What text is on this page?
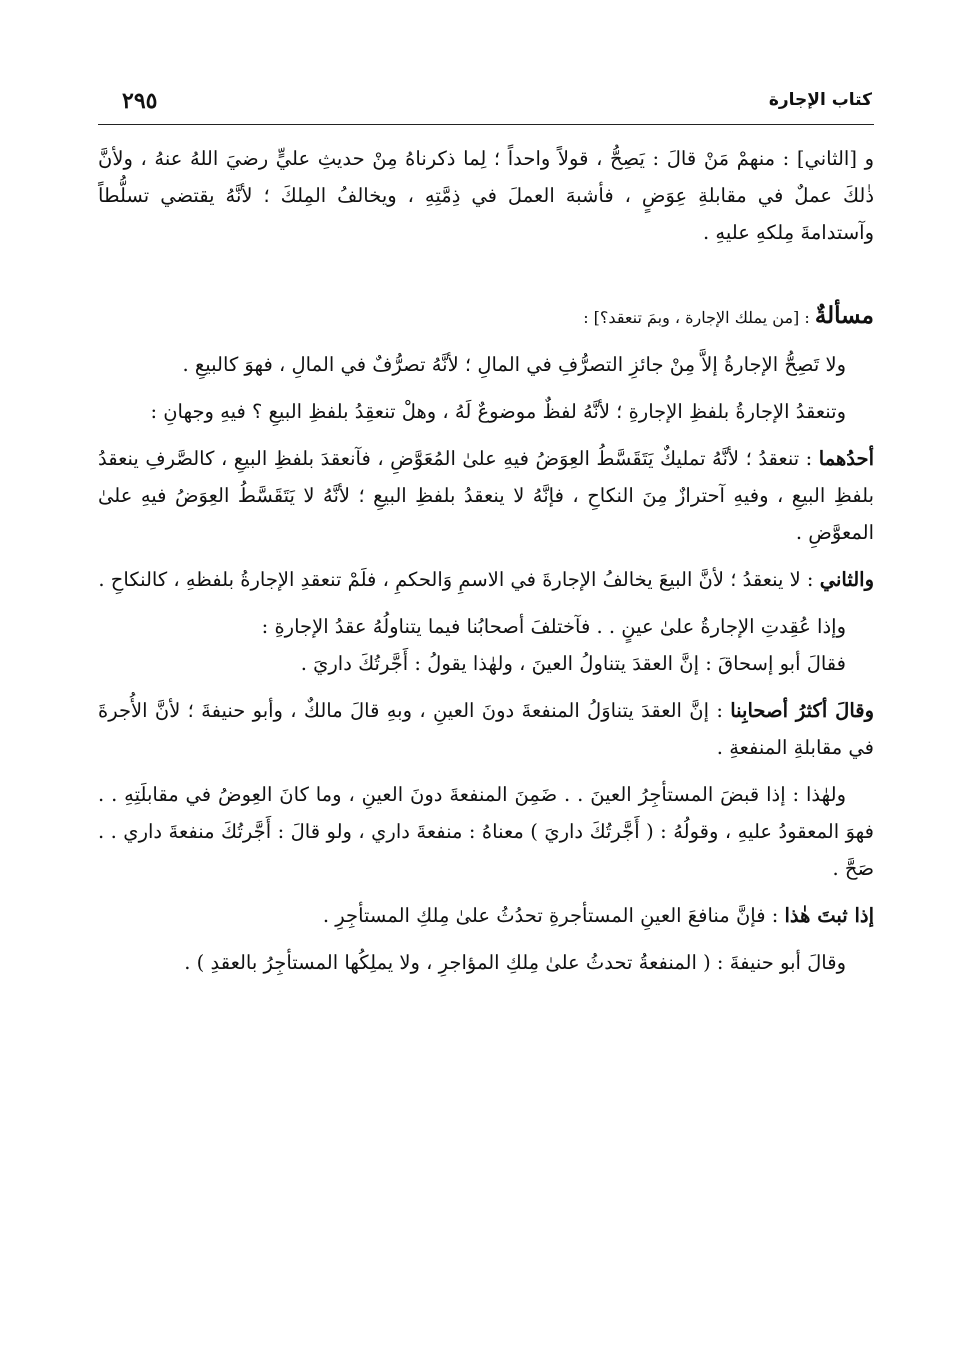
٢٩٥	كتاب الإجارة

و [الثاني] : منهمْ مَنْ قالَ : يَصِحُّ ، قولاً واحداً ؛ لِما ذكرناهُ مِنْ حديثِ عليٍّ رضيَ اللهُ عنهُ ، ولأنَّ ذٰلكَ عملٌ في مقابلةِ عِوَضٍ ، فأشبهَ العملَ في ذِمَّتِهِ ، ويخالفُ المِلكَ ؛ لأنَّهُ يقتضي تسلُّطاً وآستدامةَ مِلكهِ عليهِ .

مسألةٌ : [من يملك الإجارة ، وبمَ تنعقد؟] :

ولا تَصِحُّ الإجارةُ إلاَّ مِنْ جائزِ التصرُّفِ في المالِ ؛ لأنَّهُ تصرُّفٌ في المالِ ، فهوَ كالبيعِ .

وتنعقدُ الإجارةُ بلفظِ الإجارةِ ؛ لأنَّهُ لفظٌ موضوعٌ لَهُ ، وهلْ تنعقِدُ بلفظِ البيعِ ؟ فيهِ وجهانِ :

أحدُهما : تنعقدُ ؛ لأنَّهُ تمليكٌ يَتَقَسَّطُ العِوَضُ فيهِ علىٰ المُعَوَّضِ ، فآنعقدَ بلفظِ البيعِ ، كالصَّرفِ ينعقدُ بلفظِ البيعِ ، وفيهِ آحترازٌ مِنَ النكاحِ ، فإنَّهُ لا ينعقدُ بلفظِ البيعِ ؛ لأنَّهُ لا يَتَقَسَّطُ العِوَضُ فيهِ علىٰ المعوَّضِ .

والثاني : لا ينعقدُ ؛ لأنَّ البيعَ يخالفُ الإجارةَ في الاسمِ وَالحكمِ ، فلَمْ تنعقدِ الإجارةُ بلفظهِ ، كالنكاحِ .

وإذا عُقِدتِ الإجارةُ علىٰ عينٍ . . فآختلفَ أصحابُنا فيما يتناولُهُ عقدُ الإجارةِ :

فقالَ أبو إسحاقَ : إنَّ العقدَ يتناولُ العينَ ، ولهٰذا يقولُ : أَجَّرتُكَ داريَ .

وقالَ أكثرُ أصحابِنا : إنَّ العقدَ يتناوَلُ المنفعةَ دونَ العينِ ، وبهِ قالَ مالكٌ ، وأبو حنيفةَ ؛ لأنَّ الأُجرةَ في مقابلةِ المنفعةِ .

ولهٰذا : إذا قبضَ المستأجِرُ العينَ . . ضَمِنَ المنفعةَ دونَ العينِ ، وما كانَ العِوضُ في مقابلَتِهِ . . فهوَ المعقودُ عليهِ ، وقولُهُ : ( أَجَّرتُكَ داريَ ) معناهُ : منفعةَ داري ، ولو قالَ : أَجَّرتُكَ منفعةَ داري . . صَحَّ .

إذا ثبتَ هٰذا : فإنَّ منافعَ العينِ المستأجرةِ تحدُثُ علىٰ مِلكِ المستأجِرِ .

وقالَ أبو حنيفةَ : ( المنفعةُ تحدثُ علىٰ مِلكِ المؤاجرِ ، ولا يملِكُها المستأجِرُ بالعقدِ ) .
